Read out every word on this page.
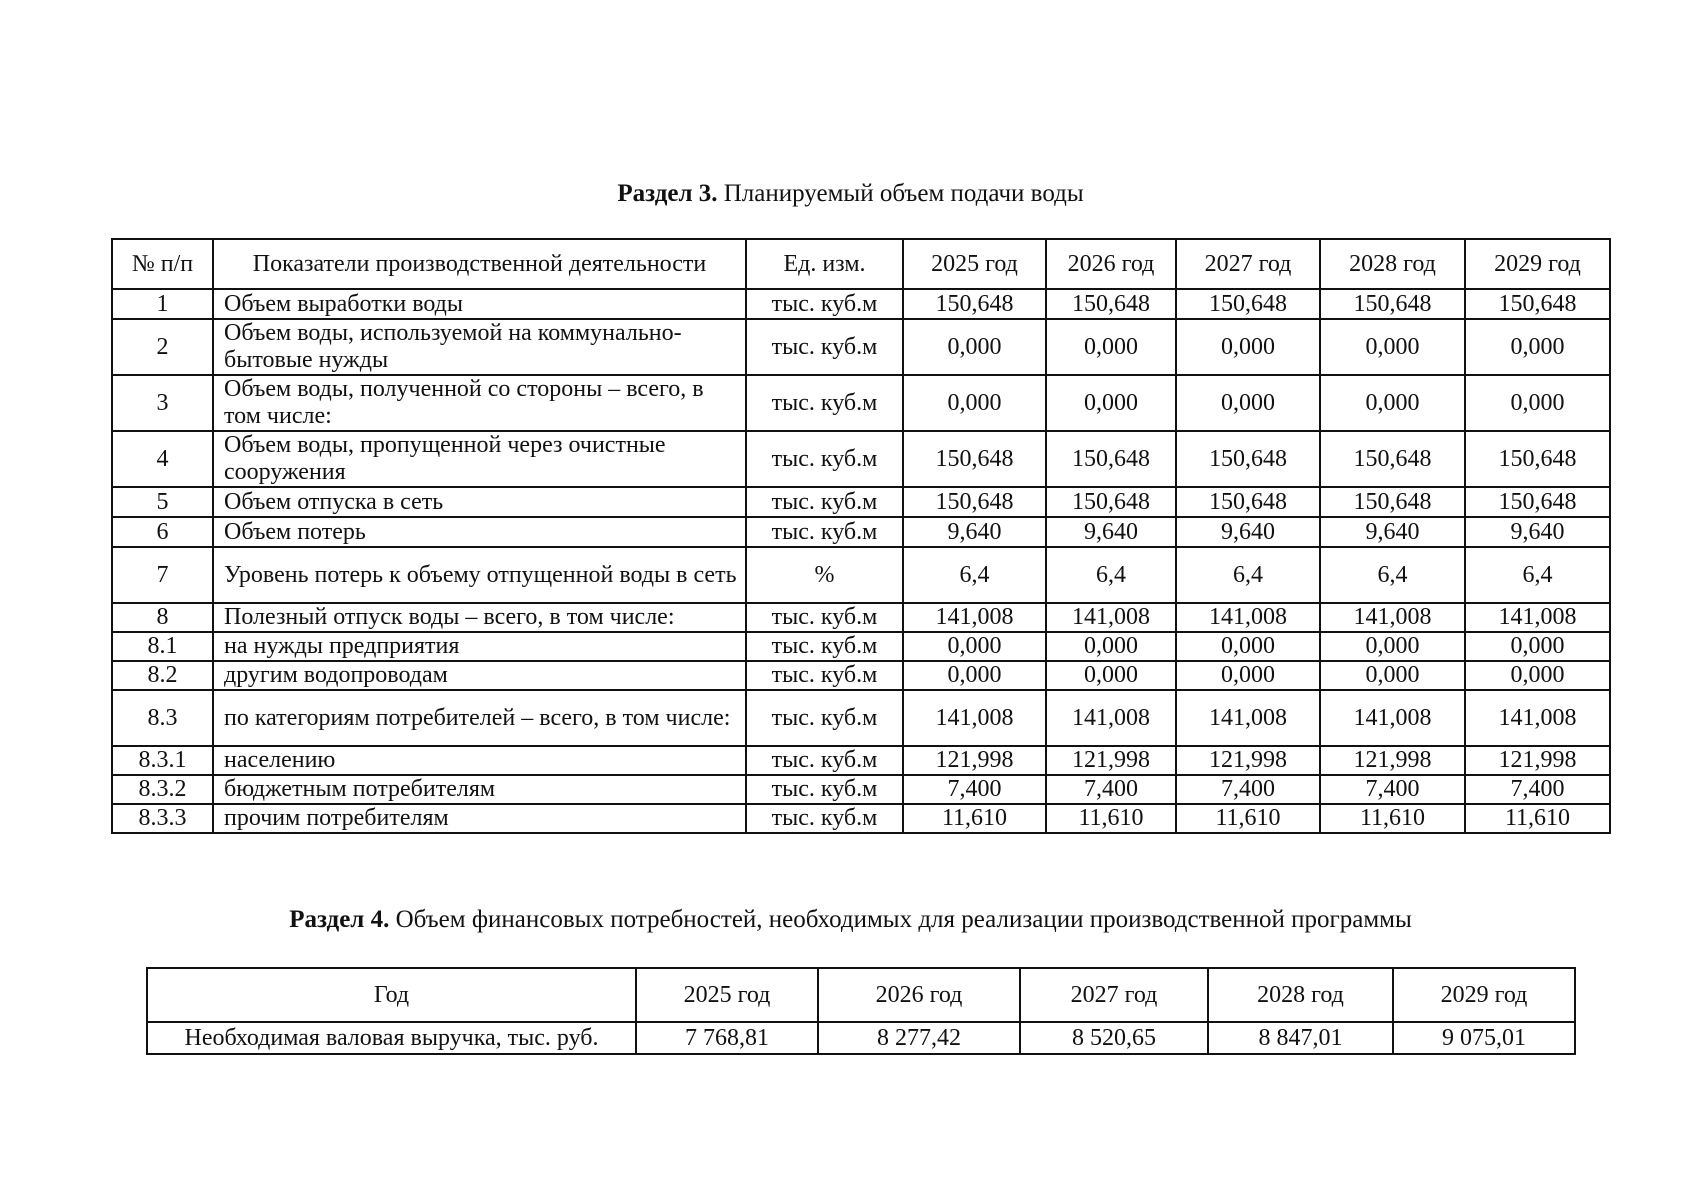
Раздел 3. Планируемый объем подачи воды
№ п/п	Показатели производственной деятельности	Ед. изм.	2025 год	2026 год	2027 год	2028 год	2029 год
1	Объем выработки воды	тыс. куб.м	150,648	150,648	150,648	150,648	150,648
2	Объем воды, используемой на коммунально-бытовые нужды	тыс. куб.м	0,000	0,000	0,000	0,000	0,000
3	Объем воды, полученной со стороны – всего, в том числе:	тыс. куб.м	0,000	0,000	0,000	0,000	0,000
4	Объем воды, пропущенной через очистные сооружения	тыс. куб.м	150,648	150,648	150,648	150,648	150,648
5	Объем отпуска в сеть	тыс. куб.м	150,648	150,648	150,648	150,648	150,648
6	Объем потерь	тыс. куб.м	9,640	9,640	9,640	9,640	9,640
7	Уровень потерь к объему отпущенной воды в сеть	%	6,4	6,4	6,4	6,4	6,4
8	Полезный отпуск воды – всего, в том числе:	тыс. куб.м	141,008	141,008	141,008	141,008	141,008
8.1	на нужды предприятия	тыс. куб.м	0,000	0,000	0,000	0,000	0,000
8.2	другим водопроводам	тыс. куб.м	0,000	0,000	0,000	0,000	0,000
8.3	по категориям потребителей – всего, в том числе:	тыс. куб.м	141,008	141,008	141,008	141,008	141,008
8.3.1	населению	тыс. куб.м	121,998	121,998	121,998	121,998	121,998
8.3.2	бюджетным потребителям	тыс. куб.м	7,400	7,400	7,400	7,400	7,400
8.3.3	прочим потребителям	тыс. куб.м	11,610	11,610	11,610	11,610	11,610
Раздел 4. Объем финансовых потребностей, необходимых для реализации производственной программы
Год	2025 год	2026 год	2027 год	2028 год	2029 год
Необходимая валовая выручка, тыс. руб.	7 768,81	8 277,42	8 520,65	8 847,01	9 075,01
